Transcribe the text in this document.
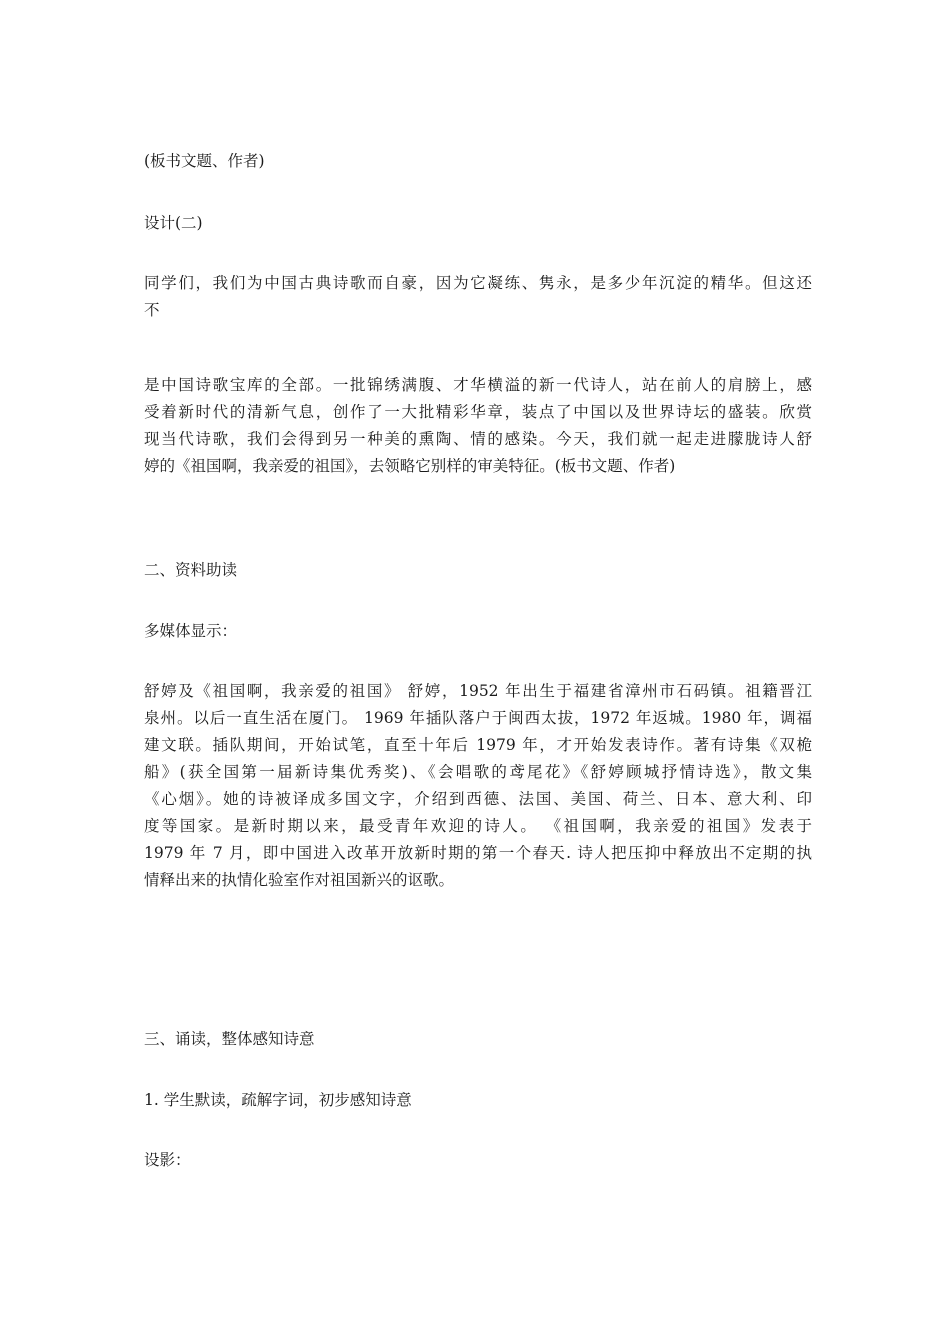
(板书文题、作者)

设计(二)

同学们，我们为中国古典诗歌而自豪，因为它凝练、隽永，是多少年沉淀的精华。但这还
不

是中国诗歌宝库的全部。一批锦绣满腹、才华横溢的新一代诗人，站在前人的肩膀上，感
受着新时代的清新气息，创作了一大批精彩华章，装点了中国以及世界诗坛的盛装。欣赏
现当代诗歌，我们会得到另一种美的熏陶、情的感染。今天，我们就一起走进朦胧诗人舒
婷的《祖国啊，我亲爱的祖国》，去领略它别样的审美特征。(板书文题、作者)

二、资料助读

多媒体显示：

舒婷及《祖国啊，我亲爱的祖国》 舒婷，1952 年出生于福建省漳州市石码镇。祖籍晋江
泉州。以后一直生活在厦门。 1969 年插队落户于闽西太拔，1972 年返城。1980 年，调福
建文联。插队期间，开始试笔，直至十年后 1979 年，才开始发表诗作。著有诗集《双桅
船》(获全国第一届新诗集优秀奖)、《会唱歌的鸢尾花》《舒婷顾城抒情诗选》，散文集
《心烟》。她的诗被译成多国文字，介绍到西德、法国、美国、荷兰、日本、意大利、印
度等国家。是新时期以来，最受青年欢迎的诗人。 《祖国啊，我亲爱的祖国》发表于
1979 年 7 月，即中国进入改革开放新时期的第一个春天. 诗人把压抑中释放出不定期的执
情释出来的执情化验室作对祖国新兴的讴歌。

三、诵读，整体感知诗意

1. 学生默读，疏解字词，初步感知诗意

设影：
